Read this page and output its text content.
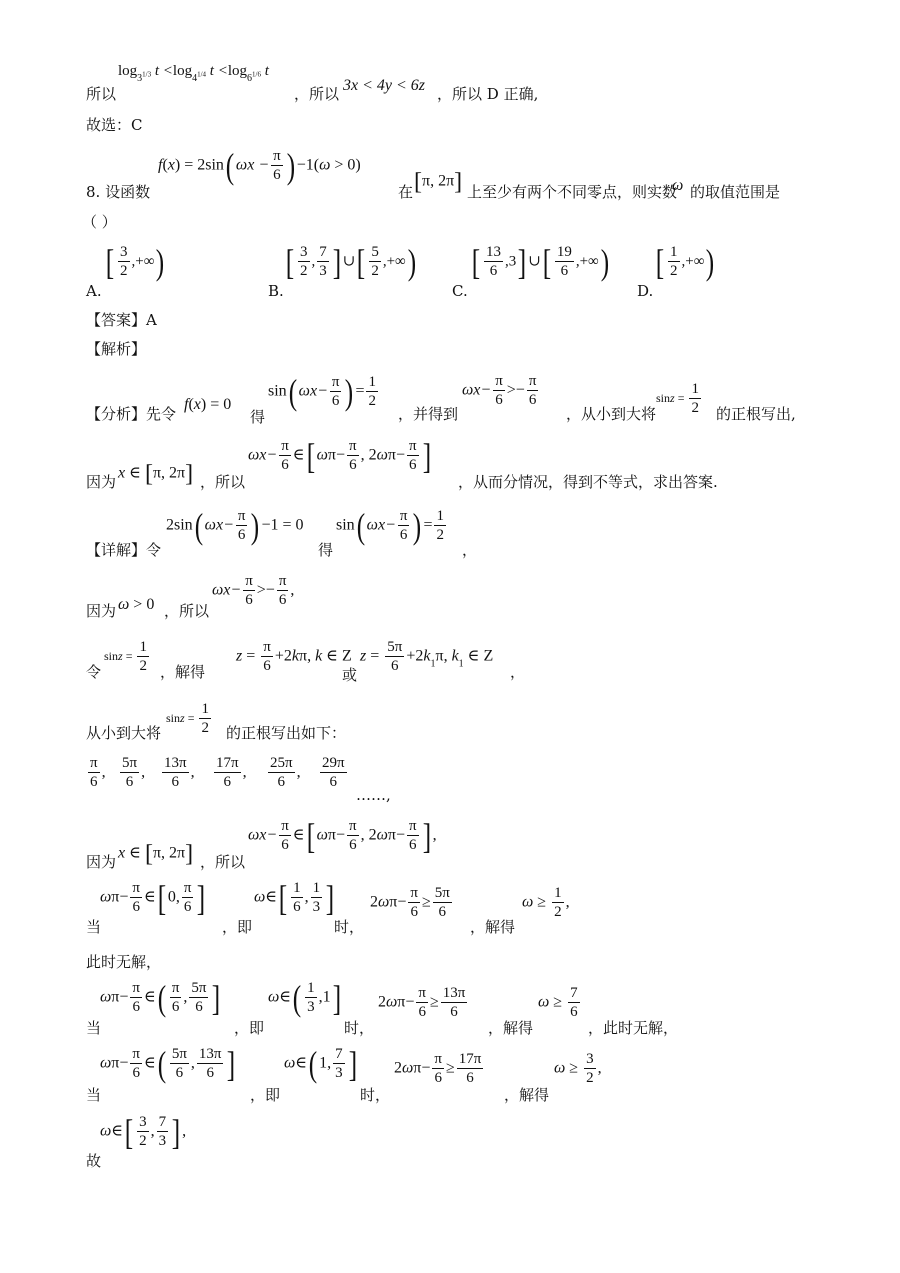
所以
$\log_{3^{1/3}} t <\log_{4^{1/4}}$ $t <\log_{6^{1/6}}$ t
，所以 3x < 4y < 6z ，所以 D 正确,
故选：C
8. 设函数
f(x) = 2sin( $\omega x - \frac{\pi}{6}$ ) −1(ω > 0)
在 [π, 2π] 上至少有两个不同零点，则实数
ω 的取值范围是
（ ）
A.
[ $\frac{3}{2}$ ,+∞)
B.
[ $\frac{3}{2}$ , $\frac{7}{3}$ ] ∪[ $\frac{5}{2}$ ,+∞)
C.
[ $\frac{13}{6} ,3$] ∪[ $\frac{19}{6}$ ,+∞)
D.
[ $\frac{1}{2}$ ,+∞)
【答案】A
【解析】
【分析】先令
f(x) = 0
得
sin( $\omega x- \frac{\pi}{6}$ ) = $\frac{1}{2}$
，并得到
$\omega x- \frac{\pi}{6} >- \frac{\pi}{6}$
，从小到大将
$\sin z = \frac{1}{2}$ 的正根写出,
因为 x ∈ [π, 2π] ，所以
$\omega x- \frac{\pi}{6}$ ∈[ $\omega\pi- \frac{\pi}{6}$ , $2\omega\pi- \frac{\pi}{6}$ ]
，从而分情况，得到不等式，求出答案.
【详解】令
2sin( $\omega x- \frac{\pi}{6}$ ) −1 = 0
得
sin( $\omega x- \frac{\pi}{6}$ ) = $\frac{1}{2}$
，
因为 ω > 0 ，所以
$\omega x- \frac{\pi}{6} >- \frac{\pi}{6}$ ,
令
$\sin z = \frac{1}{2}$ ，解得
$z = \frac{\pi}{6} +2k\pi$, k ∈ Z
或
$z = \frac{5\pi}{6} +2k_1\pi$, $k_1$ ∈ Z
，
从小到大将
$\sin z = \frac{1}{2}$ 的正根写出如下：
$\frac{\pi}{6}$ , $\frac{5\pi}{6}$ , $\frac{13\pi}{6}$ , $\frac{17\pi}{6}$ , $\frac{25\pi}{6}$ , $\frac{29\pi}{6}$
……,
因为 x ∈ [π, 2π] ，所以
$\omega x- \frac{\pi}{6}$ ∈[ $\omega\pi- \frac{\pi}{6}$ , $2\omega\pi- \frac{\pi}{6}$ ] ,
当
$\omega\pi- \frac{\pi}{6}$ ∈[ 0, $\frac{\pi}{6}$ ]
，即
ω∈[ $\frac{1}{6}$ , $\frac{1}{3}$ ]
时，
$2\omega\pi- \frac{\pi}{6} \ge \frac{5\pi}{6}$
，解得
$\omega \ge \frac{1}{2}$ ,
此时无解，
当
$\omega\pi- \frac{\pi}{6}$ ∈( $\frac{\pi}{6}$ , $\frac{5\pi}{6}$ ]
，即
ω∈( $\frac{1}{3} ,1$]
时，
$2\omega\pi- \frac{\pi}{6} \ge \frac{13\pi}{6}$
，解得
$\omega \ge \frac{7}{6}$
，此时无解，
当
$\omega\pi- \frac{\pi}{6}$ ∈( $\frac{5\pi}{6}$ , $\frac{13\pi}{6}$ ]
，即
ω∈( 1, $\frac{7}{3}$ ]
时，
$2\omega\pi- \frac{\pi}{6} \ge \frac{17\pi}{6}$
，解得
$\omega \ge \frac{3}{2}$ ,
故
ω∈[ $\frac{3}{2}$ , $\frac{7}{3}$ ] ,
